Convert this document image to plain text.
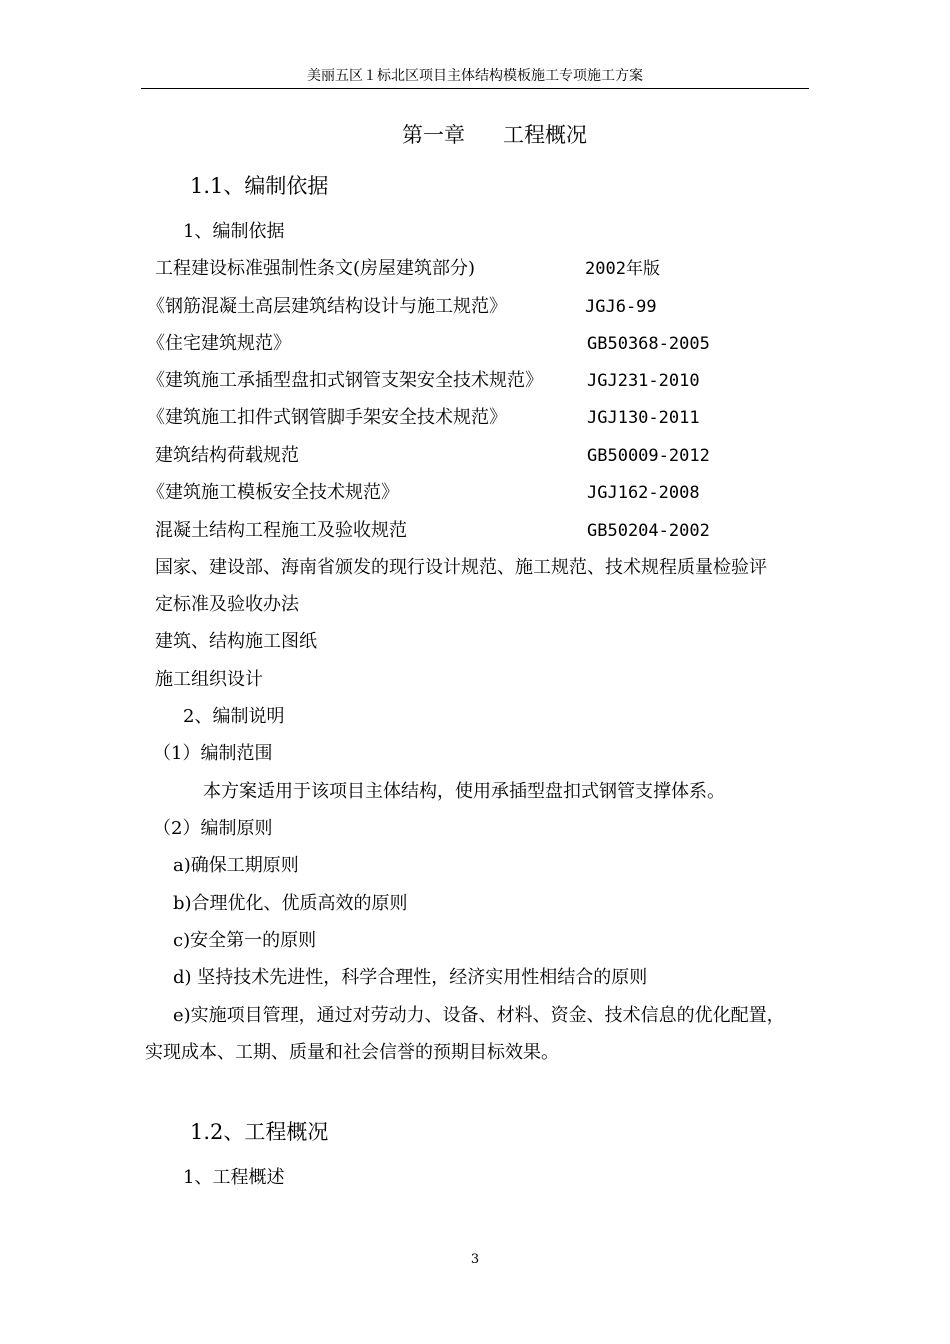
美丽五区１标北区项目主体结构模板施工专项施工方案
第一章 工程概况
1.1、编制依据
1、编制依据
工程建设标准强制性条文(房屋建筑部分)	2002年版
《钢筋混凝土高层建筑结构设计与施工规范》	JGJ6-99
《住宅建筑规范》	GB50368-2005
《建筑施工承插型盘扣式钢管支架安全技术规范》	JGJ231-2010
《建筑施工扣件式钢管脚手架安全技术规范》	JGJ130-2011
建筑结构荷载规范	GB50009-2012
《建筑施工模板安全技术规范》	JGJ162-2008
混凝土结构工程施工及验收规范	GB50204-2002
国家、建设部、海南省颁发的现行设计规范、施工规范、技术规程质量检验评
定标准及验收办法
建筑、结构施工图纸
施工组织设计
2、编制说明
（1）编制范围
本方案适用于该项目主体结构，使用承插型盘扣式钢管支撑体系。
（2）编制原则
a)确保工期原则
b)合理优化、优质高效的原则
c)安全第一的原则
d) 坚持技术先进性，科学合理性，经济实用性相结合的原则
e)实施项目管理，通过对劳动力、设备、材料、资金、技术信息的优化配置，
实现成本、工期、质量和社会信誉的预期目标效果。
1.2、工程概况
1、工程概述
3
